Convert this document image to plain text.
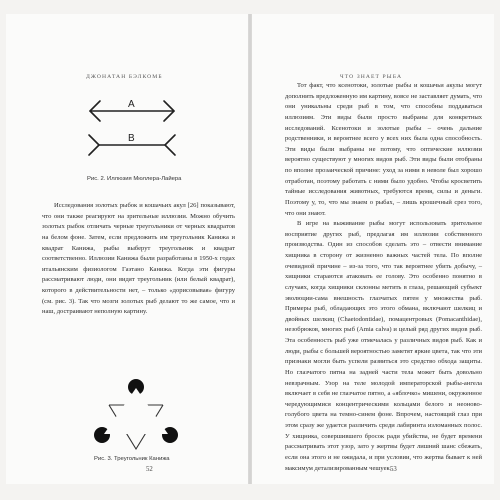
ДЖОНАТАН БЭЛКОМБ
A
B
Рис. 2. Иллюзия Мюллера-Лайера

Исследования золотых рыбок и кошачьих акул [26] показывают, что они также реагируют на зрительные иллюзии. Можно обучить золотых рыбок отличать черные треугольники от черных квадратов на белом фоне. Затем, если предложить им треугольник Канижа и квадрат Канижа, рыбы выберут треугольник и квадрат соответственно. Иллюзии Канижа были разработаны в 1950-х годах итальянским физиологом Гаэтано Канижа. Когда эти фигуры рассматривают люди, они видят треугольник (или белый квадрат), которого в действительности нет, – только «дорисовывая» фигуру (см. рис. 3). Так что мозги золотых рыб делают то же самое, что и наш, достраивают неполную картину.

Рис. 3. Треугольник Канижа
52
ЧТО ЗНАЕТ РЫБА

Тот факт, что ксенотоки, золотые рыбы и кошачьи акулы могут дополнить вредложенную им картину, вовсе не заставляет думать, что они уникальны среди рыб в том, что способны поддаваться иллюзиям. Эти виды были просто выбраны для конкретных исследований. Ксенотоки и золотые рыбы – очень дальние родственники, и вероятнее всего у всех них была одна способность. Эти виды были выбраны не потому, что оптические иллюзии вероятно существуют у многих видов рыб. Эти виды были отобраны по вполне прозаической причине: уход за ними в неволе был хорошо отработан, поэтому работать с ними было удобно. Чтобы кросветить тайные исследования животных, требуются время, силы и деньги. Поэтому у, то, что мы знаем о рыбах, – лишь крошечный срез того, что они знают.

В игре на выживание рыбы могут использовать зрительное восприятие других рыб, предлагая им иллюзии собственного производства. Один из способов сделать это – отвести внимание хищника в сторону от жизненно важных частей тела. По вполне очевидной причине – из-за того, что так вероятнее убить добычу, – хищники стараются атаковать ее голову. Это особенно понятно в случаях, когда хищники склонны метить в глаза, решающий субъект эволюции-сама внешность глазчатых пятен у множества рыб. Примеры рыб, обладающих это этого обмана, включают шелкиц и двойных шелкиц (Chaetodontidae), помацентровых (Pomacanthidae), незобрюков, многих рыб (Amia calva) и целый ряд других видов рыб. Эта особенность рыб уже отмечалась у различных видов рыб. Как и люди, рыбы с большей вероятностью заметят яркие цвета, так что эти признаки могли быть успели развиться это средство обхода защиты. Но глазчатого пятна на задней части тела может быть довольно невзрачным. Узор на теле молодой императорской рыбы-ангела включает в себя не глазчатое пятно, а «яблочко» мишени, окруженное чередующимися концентрическими кольцами белого и неоново-голубого цвета на темно-синем фоне. Впрочем, настоящий глаз при этом сразу же удается различить среди лабиринта изломанных полос. У хищника, совершившего бросок ради убийства, не будет времени рассматривать этот узор, зато у жертвы будет лишний шанс сбежать, если она этого и не ожидала, и при условии, что жертва бывает к ней максимум детализированным чешуек.

53
